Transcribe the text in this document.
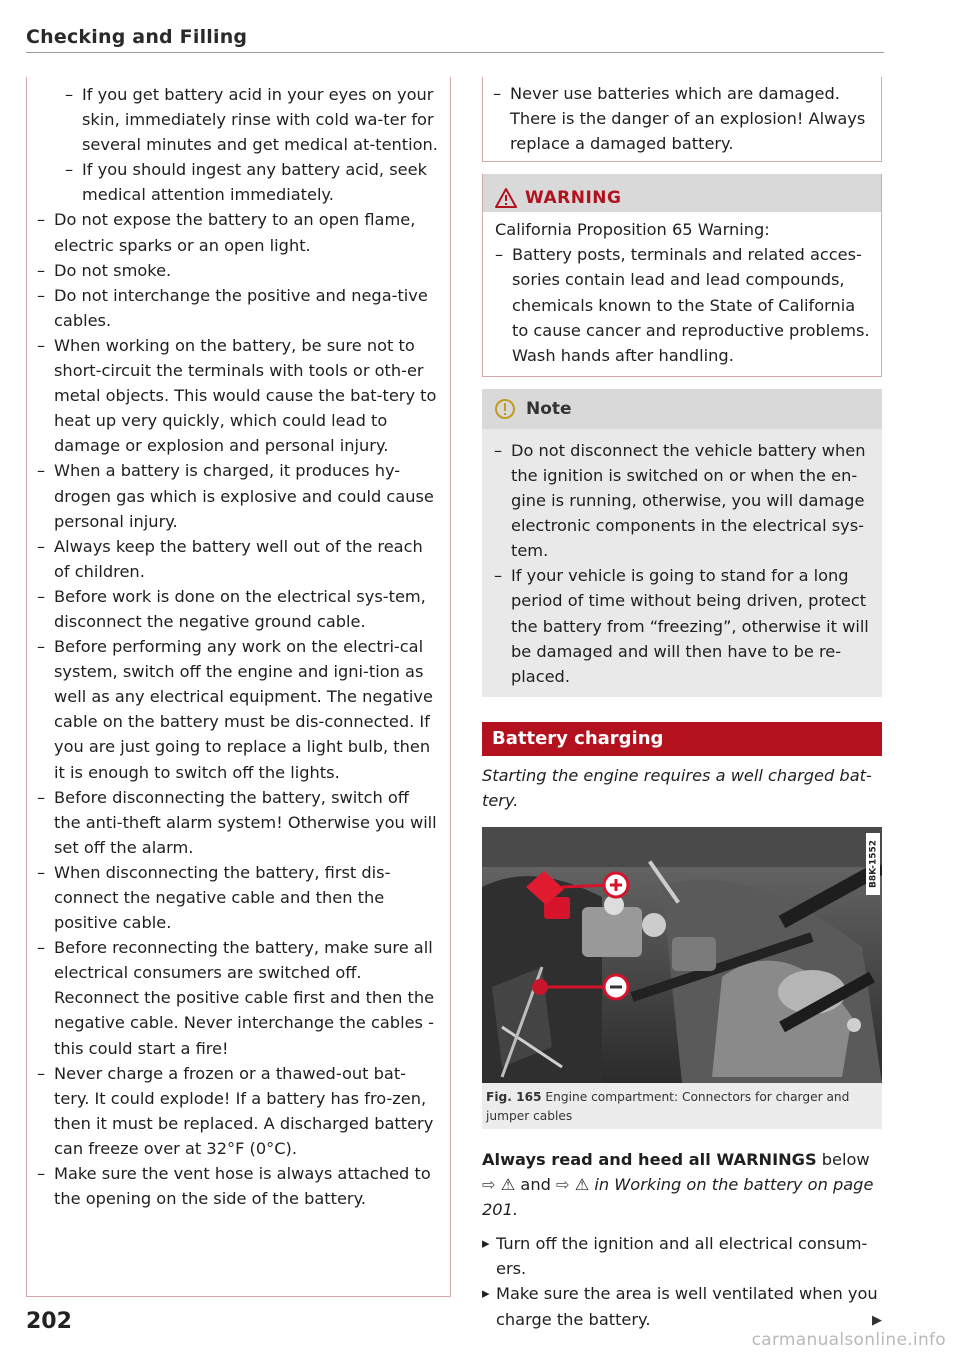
Checking and Filling
– If you get battery acid in your eyes on your skin, immediately rinse with cold wa-ter for several minutes and get medical at-tention.
– If you should ingest any battery acid, seek medical attention immediately.
– Do not expose the battery to an open flame, electric sparks or an open light.
– Do not smoke.
– Do not interchange the positive and nega-tive cables.
– When working on the battery, be sure not to short-circuit the terminals with tools or oth-er metal objects. This would cause the bat-tery to heat up very quickly, which could lead to damage or explosion and personal injury.
– When a battery is charged, it produces hy-drogen gas which is explosive and could cause personal injury.
– Always keep the battery well out of the reach of children.
– Before work is done on the electrical sys-tem, disconnect the negative ground cable.
– Before performing any work on the electri-cal system, switch off the engine and igni-tion as well as any electrical equipment. The negative cable on the battery must be dis-connected. If you are just going to replace a light bulb, then it is enough to switch off the lights.
– Before disconnecting the battery, switch off the anti-theft alarm system! Otherwise you will set off the alarm.
– When disconnecting the battery, first dis-connect the negative cable and then the positive cable.
– Before reconnecting the battery, make sure all electrical consumers are switched off. Reconnect the positive cable first and then the negative cable. Never interchange the cables - this could start a fire!
– Never charge a frozen or a thawed-out bat-tery. It could explode! If a battery has fro-zen, then it must be replaced. A discharged battery can freeze over at 32°F (0°C).
– Make sure the vent hose is always attached to the opening on the side of the battery.
– Never use batteries which are damaged. There is the danger of an explosion! Always replace a damaged battery.
WARNING
California Proposition 65 Warning:
– Battery posts, terminals and related acces-sories contain lead and lead compounds, chemicals known to the State of California to cause cancer and reproductive problems. Wash hands after handling.
Note
– Do not disconnect the vehicle battery when the ignition is switched on or when the en-gine is running, otherwise, you will damage electronic components in the electrical sys-tem.
– If your vehicle is going to stand for a long period of time without being driven, protect the battery from “freezing”, otherwise it will be damaged and will then have to be re-placed.
Battery charging
Starting the engine requires a well charged bat-tery.
B8K-1552
Fig. 165 Engine compartment: Connectors for charger and jumper cables
Always read and heed all WARNINGS below
⇨ ⚠ and ⇨ ⚠ in Working on the battery on page 201.
▸ Turn off the ignition and all electrical consum-ers.
▸ Make sure the area is well ventilated when you charge the battery.	▶
202
carmanualsonline.info
